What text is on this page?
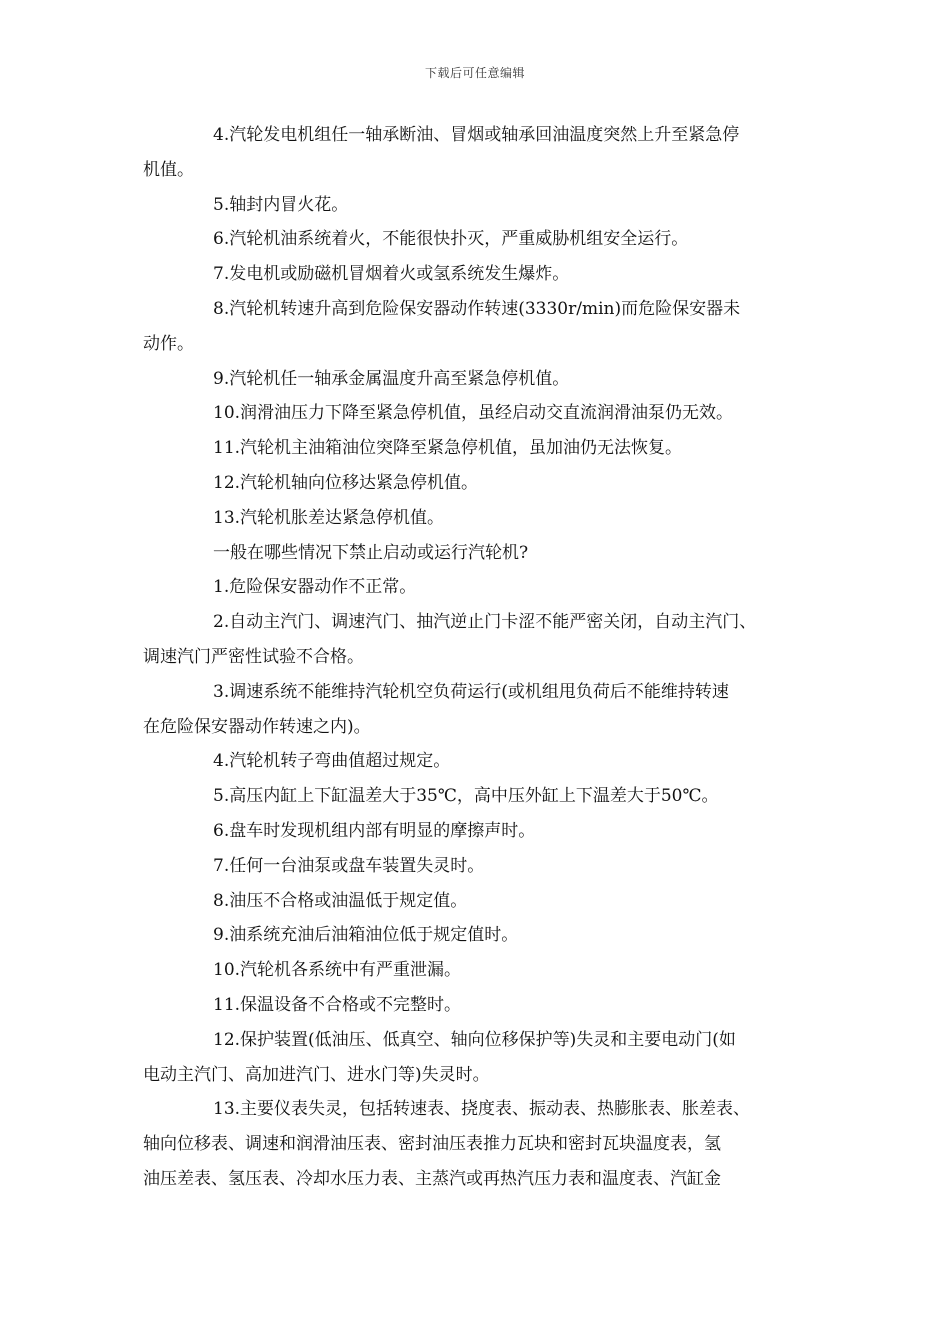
下载后可任意编辑
4.汽轮发电机组任一轴承断油、冒烟或轴承回油温度突然上升至紧急停
机值。
5.轴封内冒火花。
6.汽轮机油系统着火，不能很快扑灭，严重威胁机组安全运行。
7.发电机或励磁机冒烟着火或氢系统发生爆炸。
8.汽轮机转速升高到危险保安器动作转速(3330r/min)而危险保安器未
动作。
9.汽轮机任一轴承金属温度升高至紧急停机值。
10.润滑油压力下降至紧急停机值，虽经启动交直流润滑油泵仍无效。
11.汽轮机主油箱油位突降至紧急停机值，虽加油仍无法恢复。
12.汽轮机轴向位移达紧急停机值。
13.汽轮机胀差达紧急停机值。
一般在哪些情况下禁止启动或运行汽轮机?
1.危险保安器动作不正常。
2.自动主汽门、调速汽门、抽汽逆止门卡涩不能严密关闭，自动主汽门、
调速汽门严密性试验不合格。
3.调速系统不能维持汽轮机空负荷运行(或机组甩负荷后不能维持转速
在危险保安器动作转速之内)。
4.汽轮机转子弯曲值超过规定。
5.高压内缸上下缸温差大于35℃，高中压外缸上下温差大于50℃。
6.盘车时发现机组内部有明显的摩擦声时。
7.任何一台油泵或盘车装置失灵时。
8.油压不合格或油温低于规定值。
9.油系统充油后油箱油位低于规定值时。
10.汽轮机各系统中有严重泄漏。
11.保温设备不合格或不完整时。
12.保护装置(低油压、低真空、轴向位移保护等)失灵和主要电动门(如
电动主汽门、高加进汽门、进水门等)失灵时。
13.主要仪表失灵，包括转速表、挠度表、振动表、热膨胀表、胀差表、
轴向位移表、调速和润滑油压表、密封油压表推力瓦块和密封瓦块温度表，氢
油压差表、氢压表、冷却水压力表、主蒸汽或再热汽压力表和温度表、汽缸金
